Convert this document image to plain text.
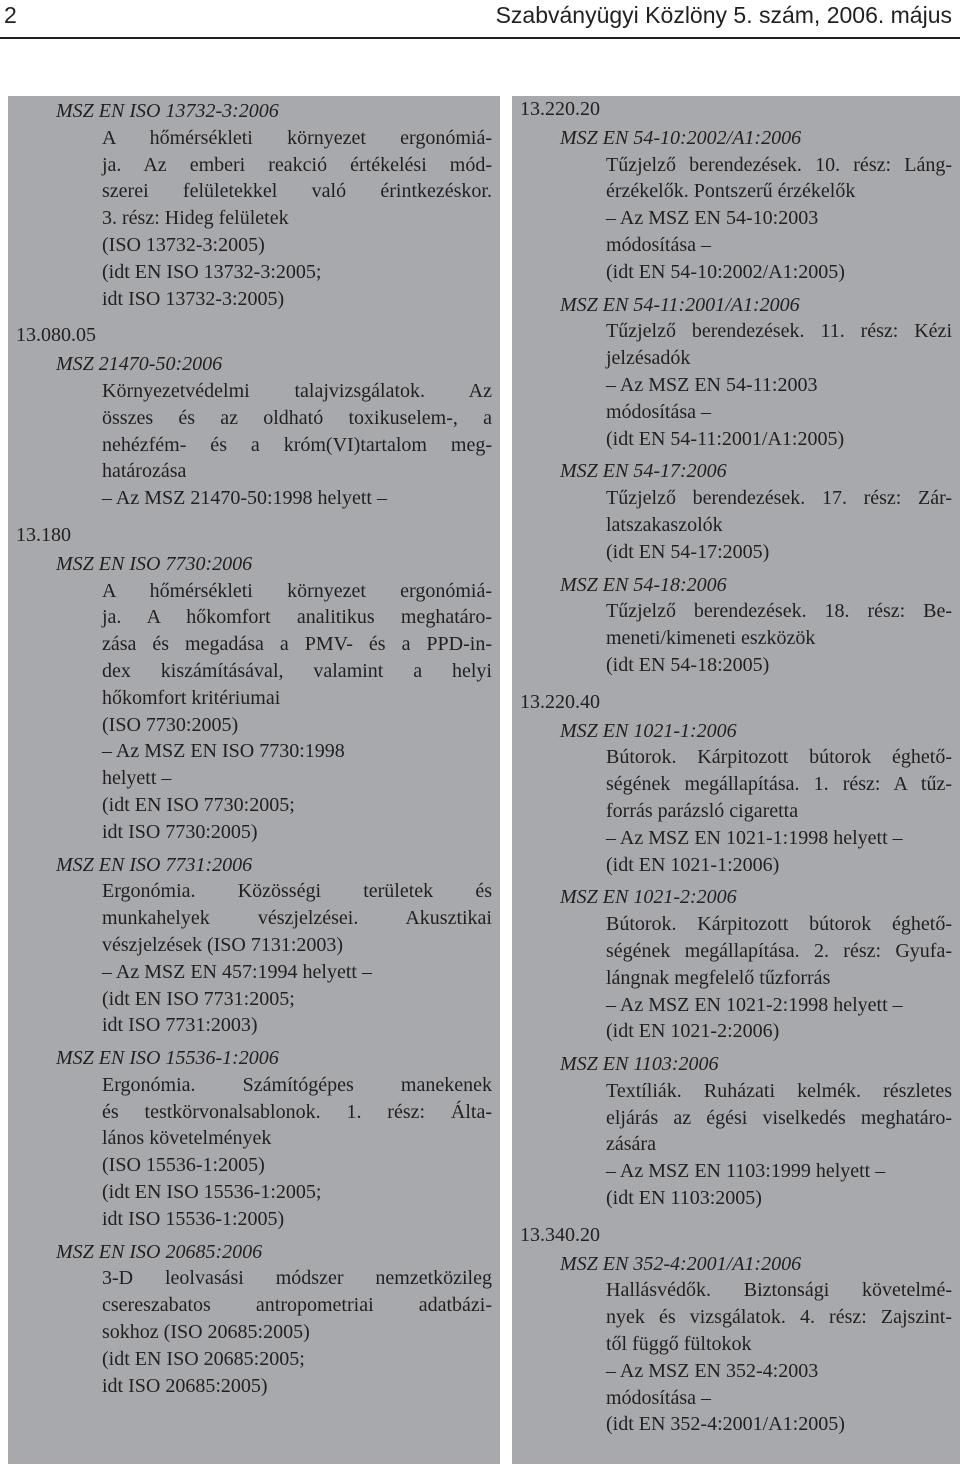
2	Szabványügyi Közlöny 5. szám, 2006. május
MSZ EN ISO 13732-3:2006

A hőmérsékleti környezet ergonómiá-

ja. Az emberi reakció értékelési mód-

szerei felületekkel való érintkezéskor.

3. rész: Hideg felületek

(ISO 13732-3:2005)

(idt EN ISO 13732-3:2005;

idt ISO 13732-3:2005)

13.080.05
MSZ 21470-50:2006

Környezetvédelmi talajvizsgálatok. Az

összes és az oldható toxikuselem-, a

nehézfém- és a króm(VI)tartalom meg-

határozása

– Az MSZ 21470-50:1998 helyett –

13.180
MSZ EN ISO 7730:2006

A hőmérsékleti környezet ergonómiá-

ja. A hőkomfort analitikus meghatáro-

zása és megadása a PMV- és a PPD-in-

dex kiszámításával, valamint a helyi

hőkomfort kritériumai

(ISO 7730:2005)

– Az MSZ EN ISO 7730:1998

helyett –

(idt EN ISO 7730:2005;

idt ISO 7730:2005)

MSZ EN ISO 7731:2006

Ergonómia. Közösségi területek és

munkahelyek vészjelzései. Akusztikai

vészjelzések (ISO 7131:2003)

– Az MSZ EN 457:1994 helyett –

(idt EN ISO 7731:2005;

idt ISO 7731:2003)

MSZ EN ISO 15536-1:2006

Ergonómia. Számítógépes manekenek

és testkörvonalsablonok. 1. rész: Álta-

lános követelmények

(ISO 15536-1:2005)

(idt EN ISO 15536-1:2005;

idt ISO 15536-1:2005)

MSZ EN ISO 20685:2006

3-D leolvasási módszer nemzetközileg

csereszabatos antropometriai adatbázi-

sokhoz (ISO 20685:2005)

(idt EN ISO 20685:2005;

idt ISO 20685:2005)

13.220.20
MSZ EN 54-10:2002/A1:2006

Tűzjelző berendezések. 10. rész: Láng-

érzékelők. Pontszerű érzékelők

– Az MSZ EN 54-10:2003

módosítása –

(idt EN 54-10:2002/A1:2005)

MSZ EN 54-11:2001/A1:2006

Tűzjelző berendezések. 11. rész: Kézi

jelzésadók

– Az MSZ EN 54-11:2003

módosítása –

(idt EN 54-11:2001/A1:2005)

MSZ EN 54-17:2006

Tűzjelző berendezések. 17. rész: Zár-

latszakaszolók

(idt EN 54-17:2005)

MSZ EN 54-18:2006

Tűzjelző berendezések. 18. rész: Be-

meneti/kimeneti eszközök

(idt EN 54-18:2005)

13.220.40
MSZ EN 1021-1:2006

Bútorok. Kárpitozott bútorok éghető-

ségének megállapítása. 1. rész: A tűz-

forrás parázsló cigaretta

– Az MSZ EN 1021-1:1998 helyett –

(idt EN 1021-1:2006)

MSZ EN 1021-2:2006

Bútorok. Kárpitozott bútorok éghető-

ségének megállapítása. 2. rész: Gyufa-

lángnak megfelelő tűzforrás

– Az MSZ EN 1021-2:1998 helyett –

(idt EN 1021-2:2006)

MSZ EN 1103:2006

Textíliák. Ruházati kelmék. részletes

eljárás az égési viselkedés meghatáro-

zására

– Az MSZ EN 1103:1999 helyett –

(idt EN 1103:2005)

13.340.20
MSZ EN 352-4:2001/A1:2006

Hallásvédők. Biztonsági követelmé-

nyek és vizsgálatok. 4. rész: Zajszint-

től függő fültokok

– Az MSZ EN 352-4:2003

módosítása –

(idt EN 352-4:2001/A1:2005)
